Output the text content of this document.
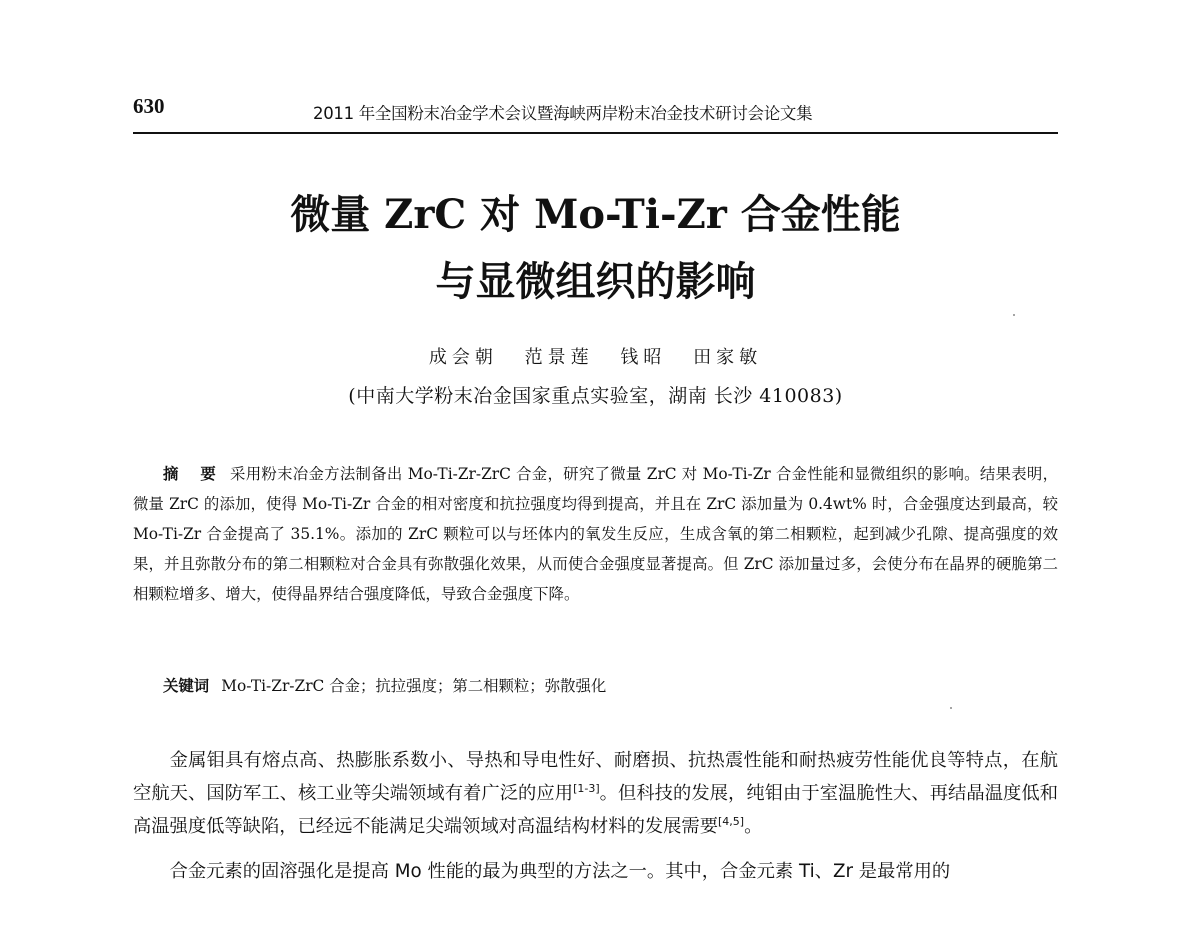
630	2011 年全国粉末冶金学术会议暨海峡两岸粉末冶金技术研讨会论文集
微量 ZrC 对 Mo-Ti-Zr 合金性能
与显微组织的影响
成会朝 范景莲 钱昭 田家敏
(中南大学粉末冶金国家重点实验室，湖南 长沙 410083)
摘 要 采用粉末冶金方法制备出 Mo-Ti-Zr-ZrC 合金，研究了微量 ZrC 对 Mo-Ti-Zr 合金性能和显微组织的影响。结果表明，微量 ZrC 的添加，使得 Mo-Ti-Zr 合金的相对密度和抗拉强度均得到提高，并且在 ZrC 添加量为 0.4wt% 时，合金强度达到最高，较 Mo-Ti-Zr 合金提高了 35.1%。添加的 ZrC 颗粒可以与坯体内的氧发生反应，生成含氧的第二相颗粒，起到减少孔隙、提高强度的效果，并且弥散分布的第二相颗粒对合金具有弥散强化效果，从而使合金强度显著提高。但 ZrC 添加量过多，会使分布在晶界的硬脆第二相颗粒增多、增大，使得晶界结合强度降低，导致合金强度下降。
关键词 Mo-Ti-Zr-ZrC 合金；抗拉强度；第二相颗粒；弥散强化

金属钼具有熔点高、热膨胀系数小、导热和导电性好、耐磨损、抗热震性能和耐热疲劳性能优良等特点，在航空航天、国防军工、核工业等尖端领域有着广泛的应用[1-3]。但科技的发展，纯钼由于室温脆性大、再结晶温度低和高温强度低等缺陷，已经远不能满足尖端领域对高温结构材料的发展需要[4,5]。

合金元素的固溶强化是提高 Mo 性能的最为典型的方法之一。其中，合金元素 Ti、Zr 是最常用的
